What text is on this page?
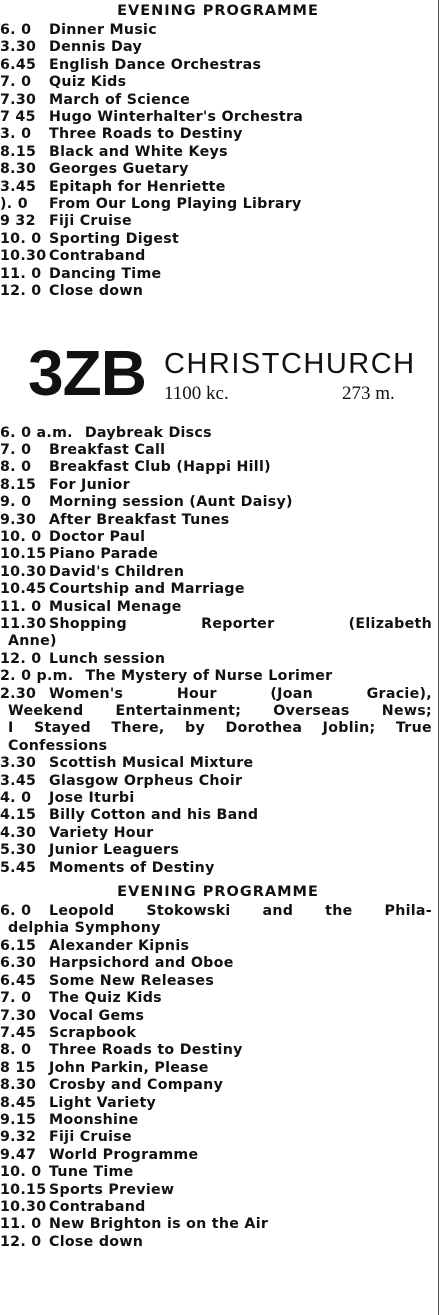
EVENING PROGRAMME
6. 0	Dinner Music
3.30 Dennis Day
6.45 English Dance Orchestras
7. 0	Quiz Kids
7.30 March of Science
7 45 Hugo Winterhalter's Orchestra
3. 0	Three Roads to Destiny
8.15 Black and White Keys
8.30 Georges Guetary
3.45 Epitaph for Henriette
). 0	From Our Long Playing Library
9 32 Fiji Cruise
10. 0 Sporting Digest
10.30 Contraband
11. 0 Dancing Time
12. 0 Close down
3ZB CHRISTCHURCH
1100 kc.	273 m.
6. 0 a.m. Daybreak Discs
7. 0	Breakfast Call
8. 0	Breakfast Club (Happi Hill)
8.15 For Junior
9. 0	Morning session (Aunt Daisy)
9.30 After Breakfast Tunes
10. 0 Doctor Paul
10.15 Piano Parade
10.30 David's Children
10.45 Courtship and Marriage
11. 0 Musical Menage
11.30 Shopping	Reporter	(Elizabeth
Anne)
12. 0 Lunch session
2. 0 p.m. The Mystery of Nurse Lorimer
2.30 Women's	Hour	(Joan	Gracie),
Weekend Entertainment; Overseas News;
I Stayed There, by Dorothea Joblin; True
Confessions
3.30 Scottish Musical Mixture
3.45 Glasgow Orpheus Choir
4. 0	Jose Iturbi
4.15 Billy Cotton and his Band
4.30 Variety Hour
5.30 Junior Leaguers
5.45 Moments of Destiny
EVENING PROGRAMME
6. 0	Leopold Stokowski and the Phila-
delphia Symphony
6.15 Alexander Kipnis
6.30 Harpsichord and Oboe
6.45 Some New Releases
7. 0	The Quiz Kids
7.30 Vocal Gems
7.45 Scrapbook
8. 0	Three Roads to Destiny
8 15 John Parkin, Please
8.30 Crosby and Company
8.45 Light Variety
9.15 Moonshine
9.32 Fiji Cruise
9.47 World Programme
10. 0 Tune Time
10.15 Sports Preview
10.30 Contraband
11. 0 New Brighton is on the Air
12. 0 Close down
